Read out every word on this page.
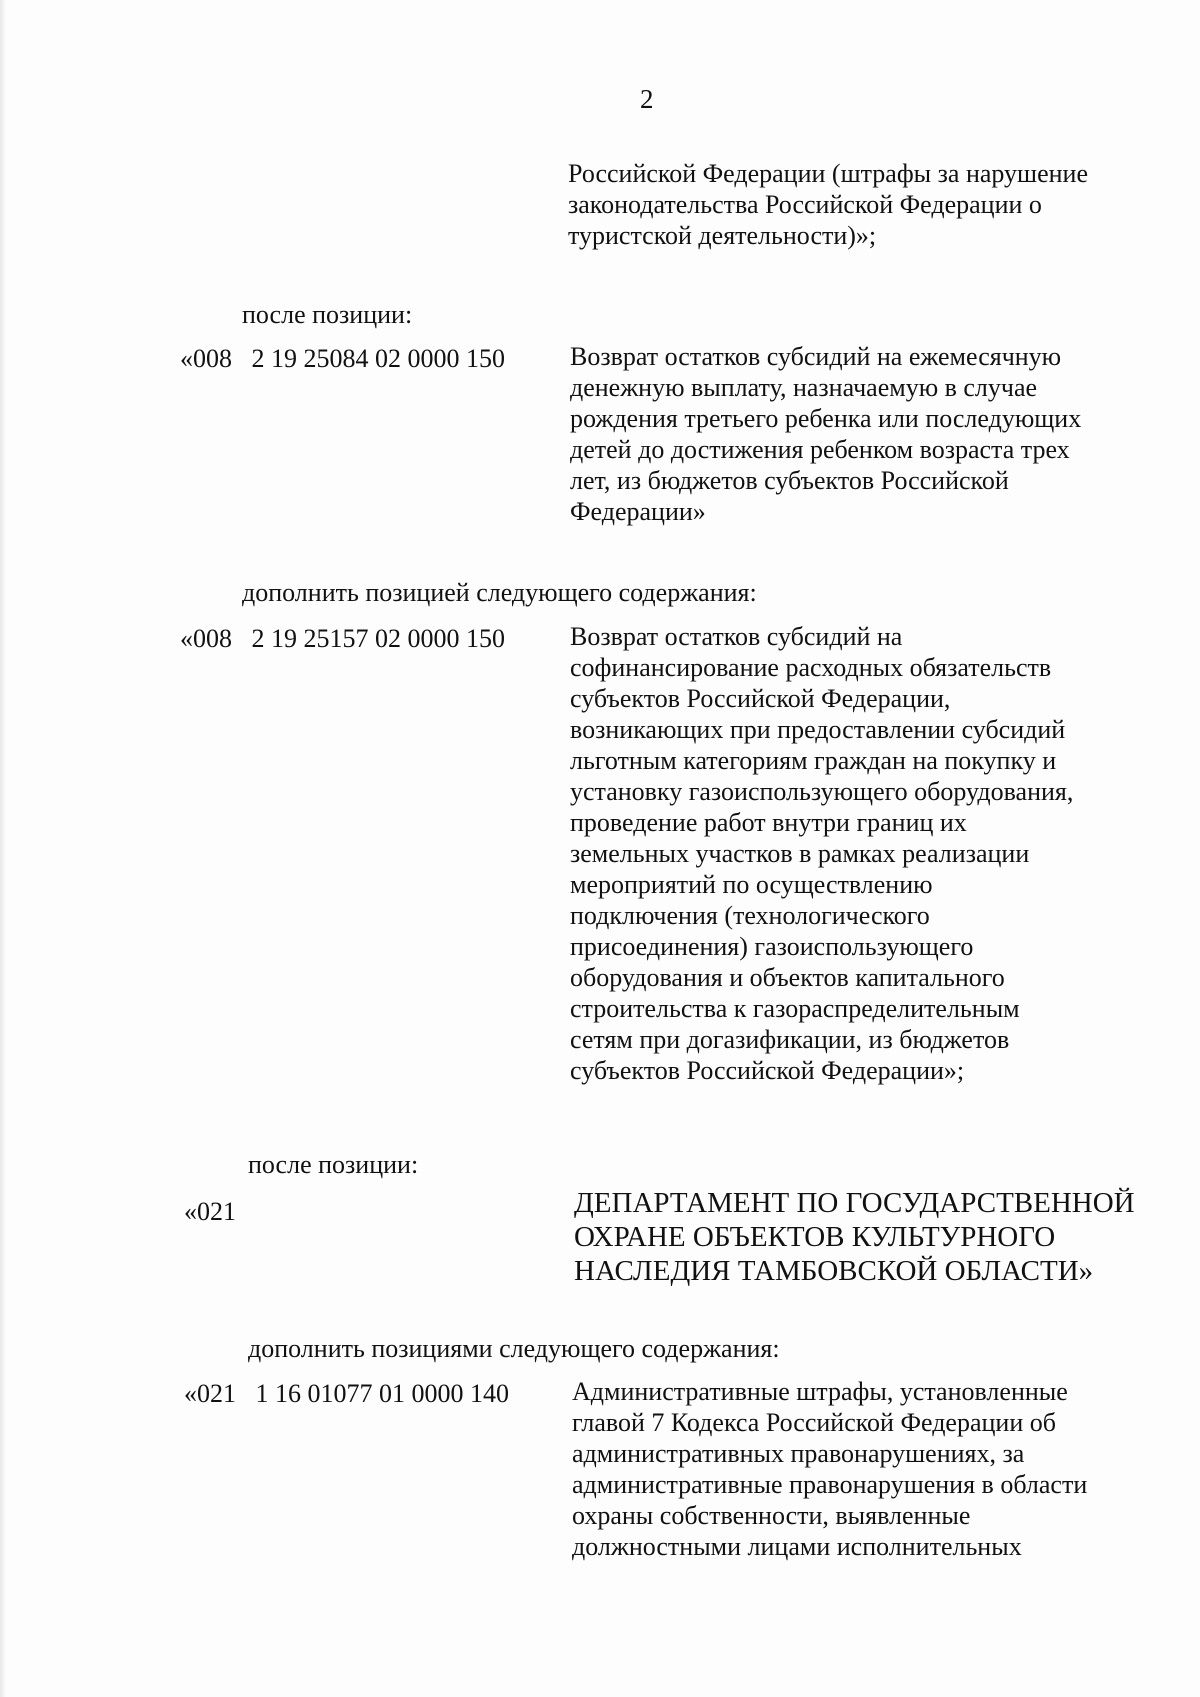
2
Российской Федерации (штрафы за нарушение
законодательства Российской Федерации о
туристской деятельности)»;
после позиции:
«008   2 19 25084 02 0000 150	Возврат остатков субсидий на ежемесячную
денежную выплату, назначаемую в случае
рождения третьего ребенка или последующих
детей до достижения ребенком возраста трех
лет, из бюджетов субъектов Российской
Федерации»
дополнить позицией следующего содержания:
«008   2 19 25157 02 0000 150	Возврат остатков субсидий на
софинансирование расходных обязательств
субъектов Российской Федерации,
возникающих при предоставлении субсидий
льготным категориям граждан на покупку и
установку газоиспользующего оборудования,
проведение работ внутри границ их
земельных участков в рамках реализации
мероприятий по осуществлению
подключения (технологического
присоединения) газоиспользующего
оборудования и объектов капитального
строительства к газораспределительным
сетям при догазификации, из бюджетов
субъектов Российской Федерации»;
после позиции:
«021	ДЕПАРТАМЕНТ ПО ГОСУДАРСТВЕННОЙ
ОХРАНЕ ОБЪЕКТОВ КУЛЬТУРНОГО
НАСЛЕДИЯ ТАМБОВСКОЙ ОБЛАСТИ»
дополнить позициями следующего содержания:
«021   1 16 01077 01 0000 140 Административные штрафы, установленные
главой 7 Кодекса Российской Федерации об
административных правонарушениях, за
административные правонарушения в области
охраны собственности, выявленные
должностными лицами исполнительных
